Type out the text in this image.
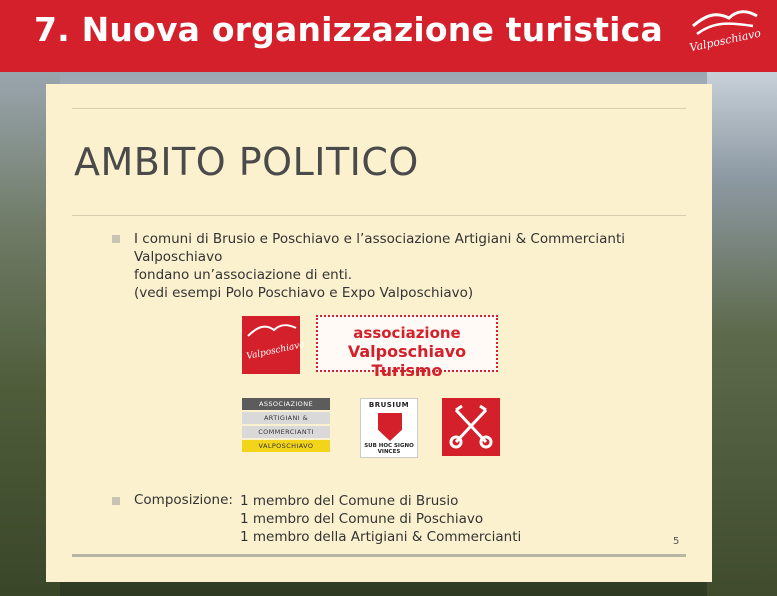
7. Nuova organizzazione turistica Valposchiavo
AMBITO POLITICO
I comuni di Brusio e Poschiavo e l’associazione Artigiani & Commercianti Valposchiavo
fondano un’associazione di enti.
(vedi esempi Polo Poschiavo e Expo Valposchiavo)
Valposchiavo
associazione
Valposchiavo Turismo
ASSOCIAZIONE
ARTIGIANI &
COMMERCIANTI
VALPOSCHIAVO
BRUSIUM
SUB HOC SIGNO VINCES
Composizione: 1 membro del Comune di Brusio
1 membro del Comune di Poschiavo
1 membro della Artigiani & Commercianti	5
